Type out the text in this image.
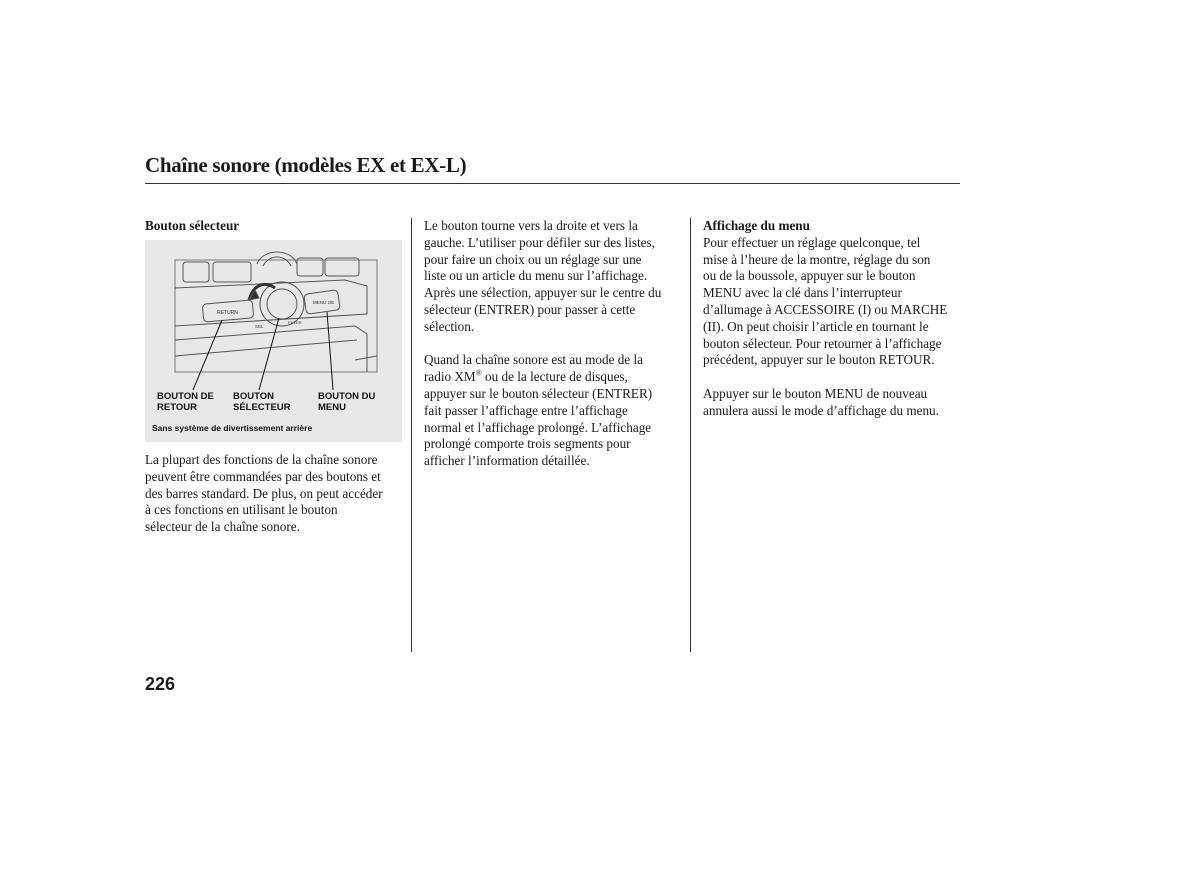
Chaîne sonore (modèles EX et EX-L)

Bouton sélecteur

RETURN
MENU 2/E
SEL
ENTER
BOUTON DE
RETOUR
BOUTON
SÉLECTEUR
BOUTON DU
MENU
Sans système de divertissement arrière

La plupart des fonctions de la chaîne sonore

peuvent être commandées par des boutons et

des barres standard. De plus, on peut accéder

à ces fonctions en utilisant le bouton

sélecteur de la chaîne sonore.

Le bouton tourne vers la droite et vers la

gauche. L’utiliser pour défiler sur des listes,

pour faire un choix ou un réglage sur une

liste ou un article du menu sur l’affichage.

Après une sélection, appuyer sur le centre du

sélecteur (ENTRER) pour passer à cette

sélection.

Quand la chaîne sonore est au mode de la

radio XM® ou de la lecture de disques,

appuyer sur le bouton sélecteur (ENTRER)

fait passer l’affichage entre l’affichage

normal et l’affichage prolongé. L’affichage

prolongé comporte trois segments pour

afficher l’information détaillée.

Affichage du menu

Pour effectuer un réglage quelconque, tel

mise à l’heure de la montre, réglage du son

ou de la boussole, appuyer sur le bouton

MENU avec la clé dans l’interrupteur

d’allumage à ACCESSOIRE (I) ou MARCHE

(II). On peut choisir l’article en tournant le

bouton sélecteur. Pour retourner à l’affichage

précédent, appuyer sur le bouton RETOUR.

Appuyer sur le bouton MENU de nouveau

annulera aussi le mode d’affichage du menu.

226
